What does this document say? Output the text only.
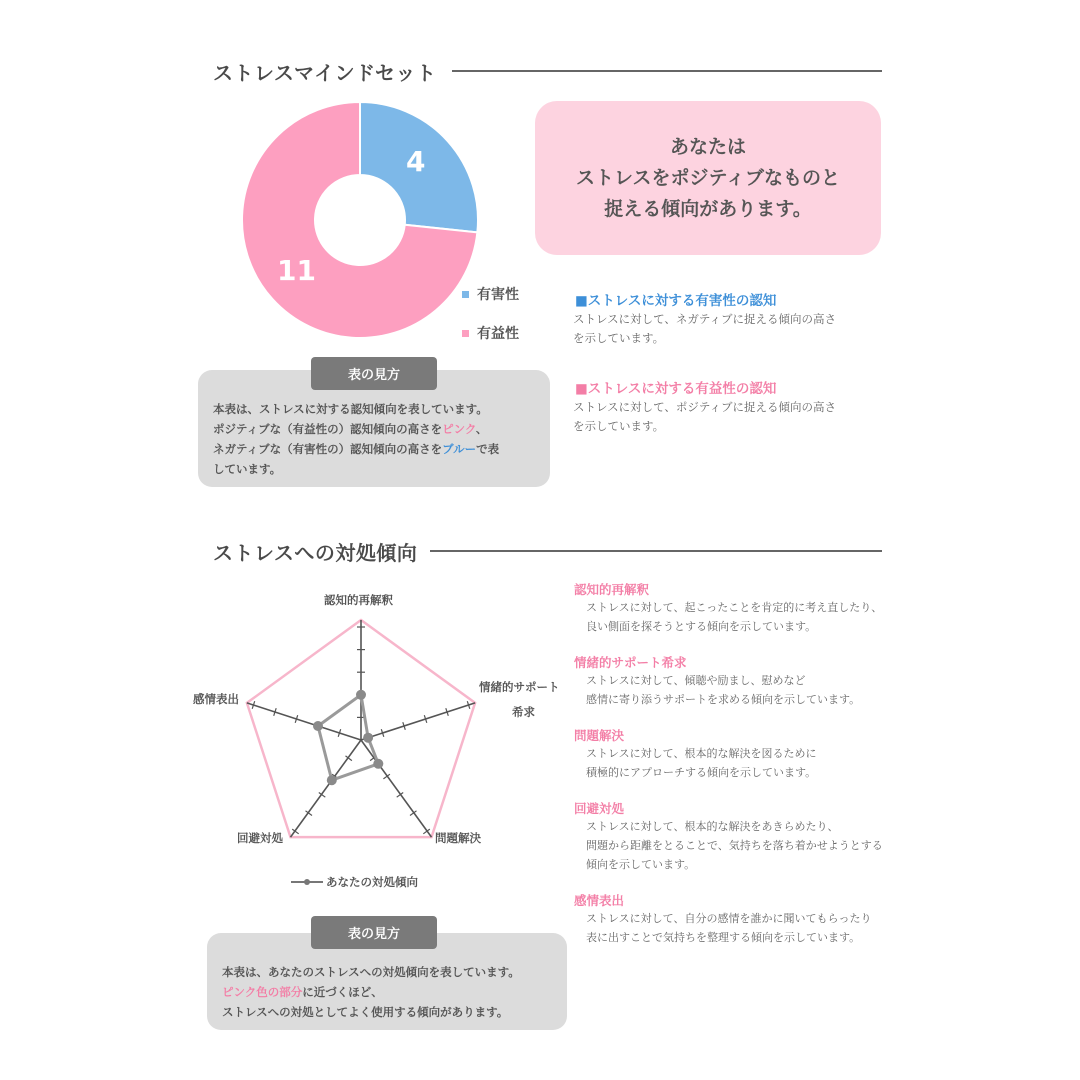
ストレスマインドセット
4
11
有害性
有益性
あなたは
ストレスをポジティブなものと
捉える傾向があります。
■ストレスに対する有害性の認知
ストレスに対して、ネガティブに捉える傾向の高さ
を示しています。
■ストレスに対する有益性の認知
ストレスに対して、ポジティブに捉える傾向の高さ
を示しています。
表の見方
本表は、ストレスに対する認知傾向を表しています。
ポジティブな（有益性の）認知傾向の高さをピンク、
ネガティブな（有害性の）認知傾向の高さをブルーで表
しています。
ストレスへの対処傾向
認知的再解釈
情緒的サポート
希求
問題解決
回避対処
感情表出
あなたの対処傾向
認知的再解釈
ストレスに対して、起こったことを肯定的に考え直したり、
良い側面を探そうとする傾向を示しています。
情緒的サポート希求
ストレスに対して、傾聴や励まし、慰めなど
感情に寄り添うサポートを求める傾向を示しています。
問題解決
ストレスに対して、根本的な解決を図るために
積極的にアプローチする傾向を示しています。
回避対処
ストレスに対して、根本的な解決をあきらめたり、
問題から距離をとることで、気持ちを落ち着かせようとする
傾向を示しています。
感情表出
ストレスに対して、自分の感情を誰かに聞いてもらったり
表に出すことで気持ちを整理する傾向を示しています。
表の見方
本表は、あなたのストレスへの対処傾向を表しています。
ピンク色の部分に近づくほど、
ストレスへの対処としてよく使用する傾向があります。
